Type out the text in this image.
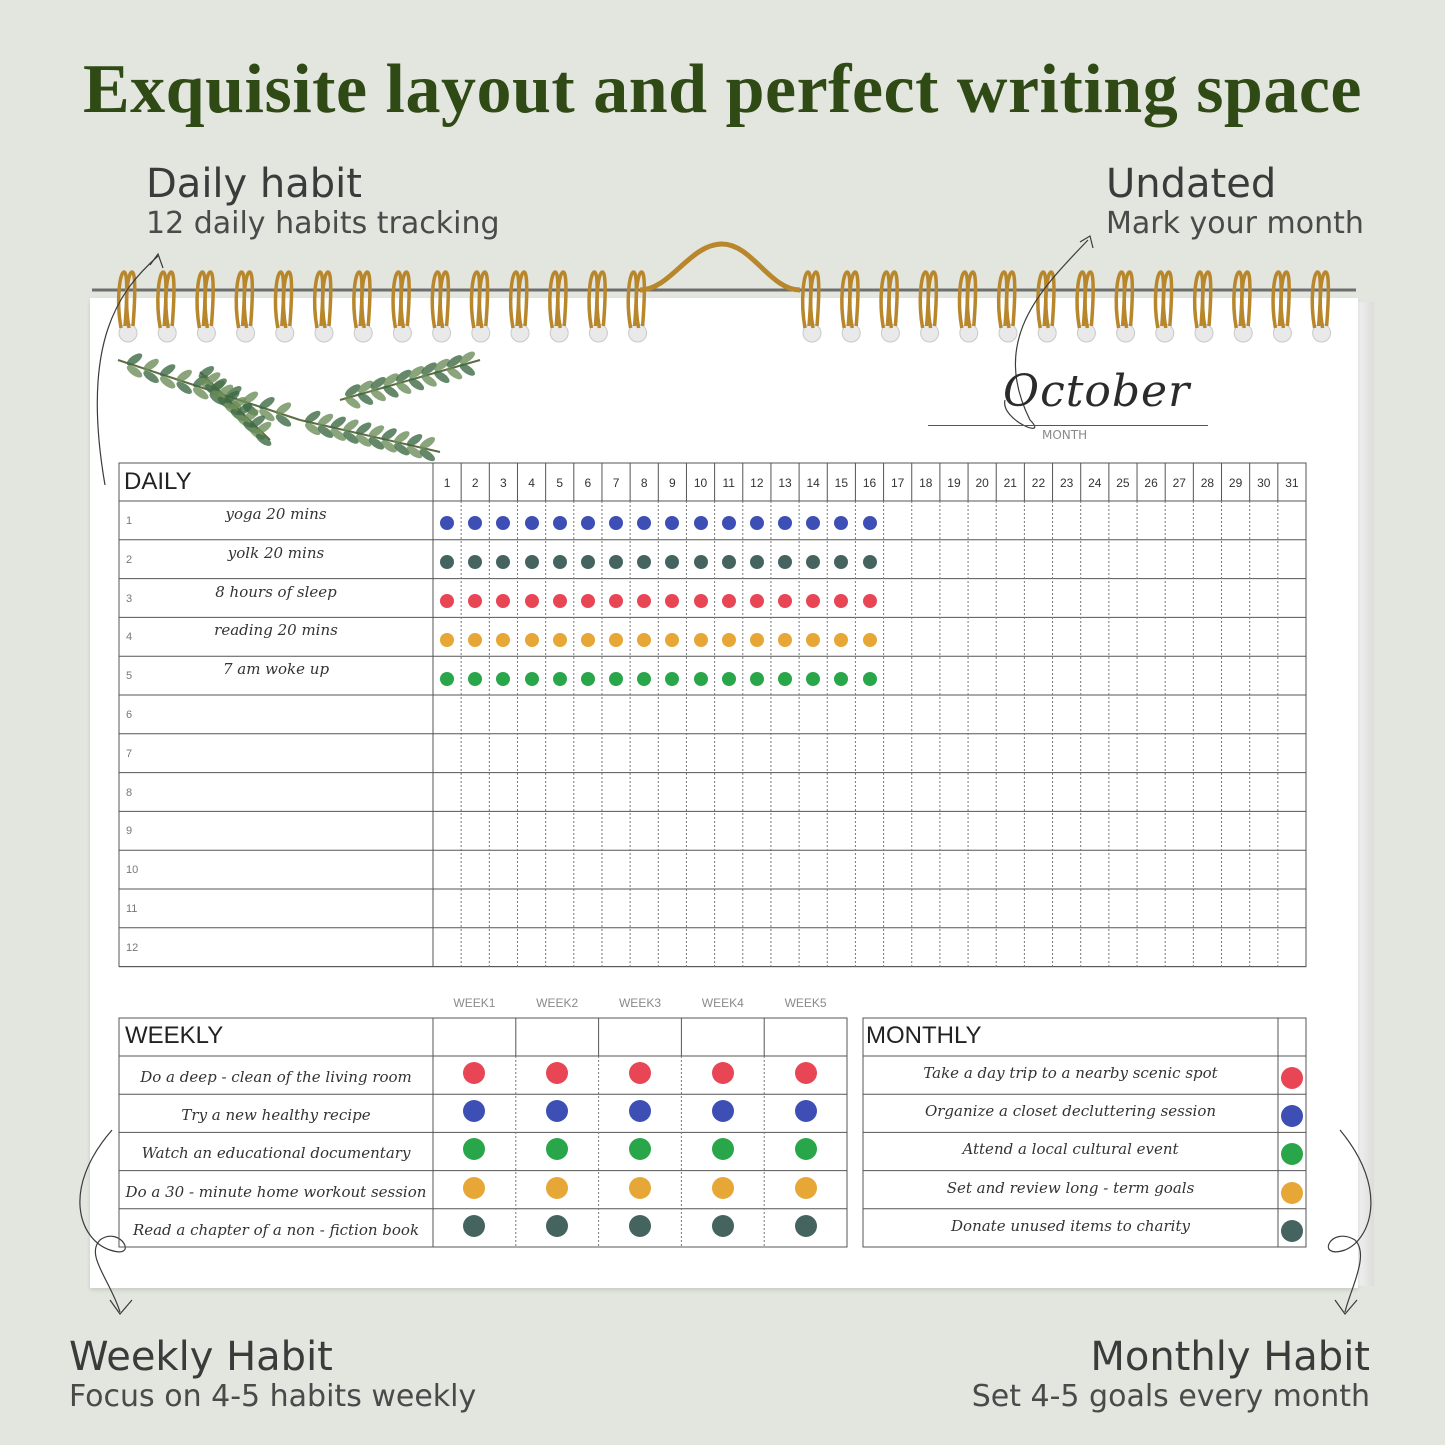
Exquisite layout and perfect writing space
Daily habit
12 daily habits tracking
Undated
Mark your month
Weekly Habit
Focus on 4-5 habits weekly
Monthly Habit
Set 4-5 goals every month
October
MONTH
DAILY	1	2	3	4	5	6	7	8	9	10	11	12	13	14	15	16	17	18	19	20	21	22	23	24	25	26	27	28	29	30	31
1	yoga 20 mins
2	yolk 20 mins
3	8 hours of sleep
4	reading 20 mins
5	7 am woke up
6
7
8
9
10
11
12
WEEKLY
WEEK1	WEEK2	WEEK3	WEEK4	WEEK5
Do a deep - clean of the living room
Try a new healthy recipe
Watch an educational documentary
Do a 30 - minute home workout session
Read a chapter of a non - fiction book
MONTHLY
Take a day trip to a nearby scenic spot
Organize a closet decluttering session
Attend a local cultural event
Set and review long - term goals
Donate unused items to charity
